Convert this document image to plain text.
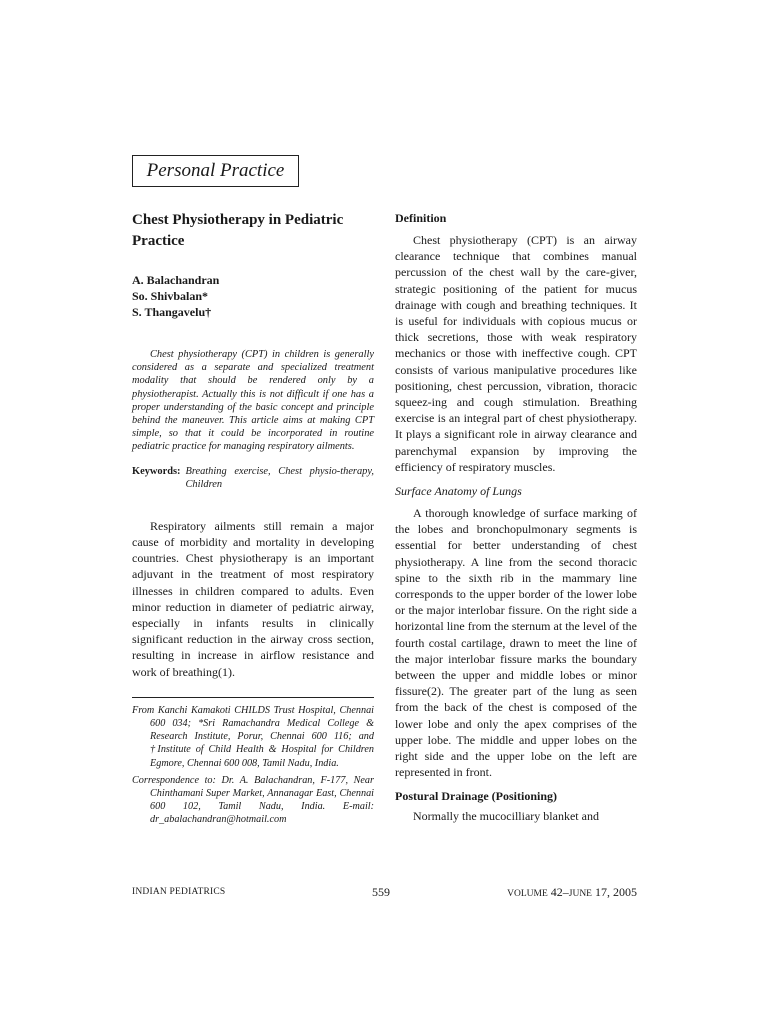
Personal Practice
Chest Physiotherapy in Pediatric Practice
A. Balachandran
So. Shivbalan*
S. Thangavelu†

Chest physiotherapy (CPT) in children is generally considered as a separate and specialized treatment modality that should be rendered only by a physiotherapist. Actually this is not difficult if one has a proper understanding of the basic concept and principle behind the maneuver. This article aims at making CPT simple, so that it could be incorporated in routine pediatric practice for managing respiratory ailments.

Keywords: Breathing exercise, Chest physio-therapy, Children

Respiratory ailments still remain a major cause of morbidity and mortality in developing countries. Chest physiotherapy is an important adjuvant in the treatment of most respiratory illnesses in children compared to adults. Even minor reduction in diameter of pediatric airway, especially in infants results in clinically significant reduction in the airway cross section, resulting in increase in airflow resistance and work of breathing(1).

From Kanchi Kamakoti CHILDS Trust Hospital, Chennai 600 034; *Sri Ramachandra Medical College & Research Institute, Porur, Chennai 600 116; and †Institute of Child Health & Hospital for Children Egmore, Chennai 600 008, Tamil Nadu, India.

Correspondence to: Dr. A. Balachandran, F-177, Near Chinthamani Super Market, Annanagar East, Chennai 600 102, Tamil Nadu, India. E-mail: dr_abalachandran@hotmail.com

Definition

Chest physiotherapy (CPT) is an airway clearance technique that combines manual percussion of the chest wall by the care-giver, strategic positioning of the patient for mucus drainage with cough and breathing techniques. It is useful for individuals with copious mucus or thick secretions, those with weak respiratory mechanics or those with ineffective cough. CPT consists of various manipulative procedures like positioning, chest percussion, vibration, thoracic squeez-ing and cough stimulation. Breathing exercise is an integral part of chest physiotherapy. It plays a significant role in airway clearance and parenchymal expansion by improving the efficiency of respiratory muscles.

Surface Anatomy of Lungs

A thorough knowledge of surface marking of the lobes and bronchopulmonary segments is essential for better understanding of chest physiotherapy. A line from the second thoracic spine to the sixth rib in the mammary line corresponds to the upper border of the lower lobe or the major interlobar fissure. On the right side a horizontal line from the sternum at the level of the fourth costal cartilage, drawn to meet the line of the major interlobar fissure marks the boundary between the upper and middle lobes or minor fissure(2). The greater part of the lung as seen from the back of the chest is composed of the lower lobe and only the apex comprises of the upper lobe. The middle and upper lobes on the right side and the upper lobe on the left are represented in front.

Postural Drainage (Positioning)

Normally the mucocilliary blanket and

INDIAN PEDIATRICS	559	VOLUME 42–JUNE 17, 2005
